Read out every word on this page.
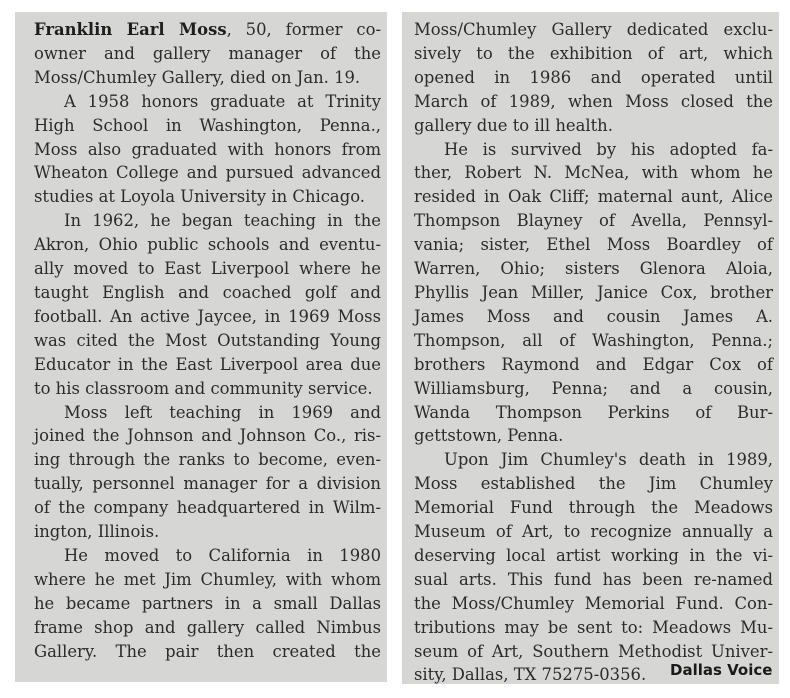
Franklin Earl Moss, 50, former co-
owner and gallery manager of the
Moss/Chumley Gallery, died on Jan. 19.

A 1958 honors graduate at Trinity
High School in Washington, Penna.,
Moss also graduated with honors from
Wheaton College and pursued advanced
studies at Loyola University in Chicago.

In 1962, he began teaching in the
Akron, Ohio public schools and eventu-
ally moved to East Liverpool where he
taught English and coached golf and
football. An active Jaycee, in 1969 Moss
was cited the Most Outstanding Young
Educator in the East Liverpool area due
to his classroom and community service.

Moss left teaching in 1969 and
joined the Johnson and Johnson Co., ris-
ing through the ranks to become, even-
tually, personnel manager for a division
of the company headquartered in Wilm-
ington, Illinois.

He moved to California in 1980
where he met Jim Chumley, with whom
he became partners in a small Dallas
frame shop and gallery called Nimbus
Gallery. The pair then created the

Moss/Chumley Gallery dedicated exclu-
sively to the exhibition of art, which
opened in 1986 and operated until
March of 1989, when Moss closed the
gallery due to ill health.

He is survived by his adopted fa-
ther, Robert N. McNea, with whom he
resided in Oak Cliff; maternal aunt, Alice
Thompson Blayney of Avella, Pennsyl-
vania; sister, Ethel Moss Boardley of
Warren, Ohio; sisters Glenora Aloia,
Phyllis Jean Miller, Janice Cox, brother
James Moss and cousin James A.
Thompson, all of Washington, Penna.;
brothers Raymond and Edgar Cox of
Williamsburg, Penna; and a cousin,
Wanda Thompson Perkins of Bur-
gettstown, Penna.

Upon Jim Chumley's death in 1989,
Moss established the Jim Chumley
Memorial Fund through the Meadows
Museum of Art, to recognize annually a
deserving local artist working in the vi-
sual arts. This fund has been re-named
the Moss/Chumley Memorial Fund. Con-
tributions may be sent to: Meadows Mu-
seum of Art, Southern Methodist Univer-
sity, Dallas, TX 75275-0356.	Dallas Voice
